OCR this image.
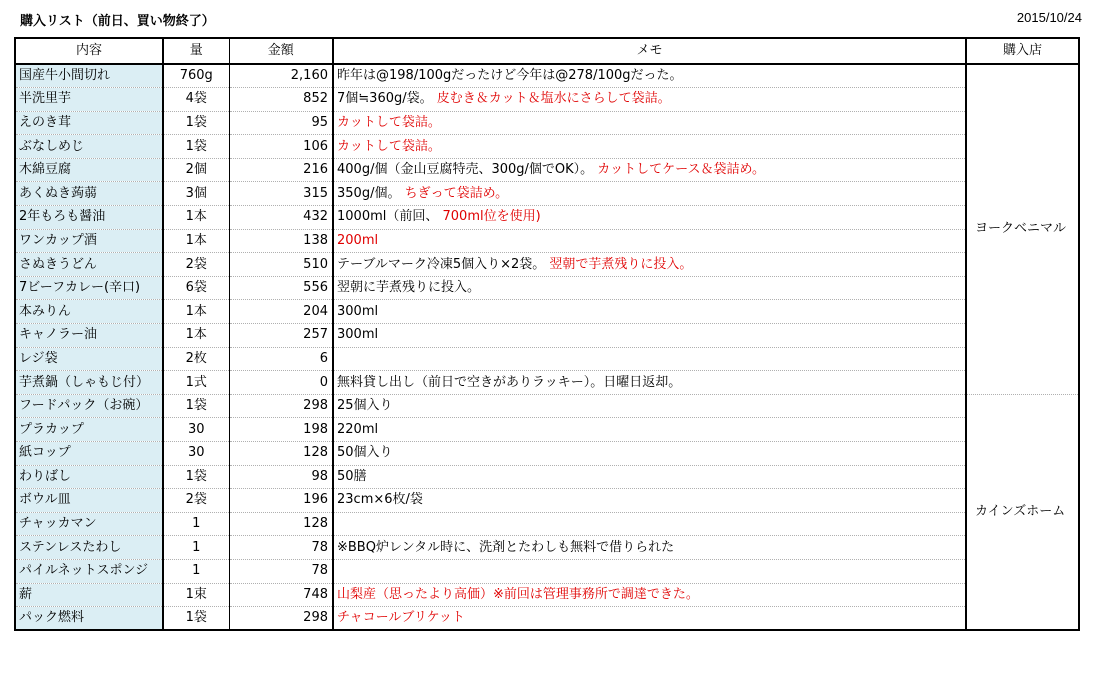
購入リスト（前日、買い物終了）	2015/10/24
内容	量	金額	メモ	購入店
国産牛小間切れ	760g	2,160	昨年は@198/100gだったけど今年は@278/100gだった。	ヨークベニマル
半洗里芋	4袋	852	7個≒360g/袋。 皮むき＆カット＆塩水にさらして袋詰。	
えのき茸	1袋	95	カットして袋詰。	
ぶなしめじ	1袋	106	カットして袋詰。	
木綿豆腐	2個	216	400g/個（金山豆腐特売、300g/個でOK）。 カットしてケース＆袋詰め。	
あくぬき蒟蒻	3個	315	350g/個。 ちぎって袋詰め。	
2年もろも醤油	1本	432	1000ml（前回、 700ml位を使用)	
ワンカップ酒	1本	138	200ml	
さぬきうどん	2袋	510	テーブルマーク冷凍5個入り×2袋。 翌朝で芋煮残りに投入。	
7ビーフカレー(辛口)	6袋	556	翌朝に芋煮残りに投入。	
本みりん	1本	204	300ml	
キャノラー油	1本	257	300ml	
レジ袋	2枚	6		
芋煮鍋（しゃもじ付）	1式	0	無料貸し出し（前日で空きがありラッキー）。日曜日返却。	
フードパック（お碗）	1袋	298	25個入り	カインズホーム
プラカップ	30	198	220ml	
紙コップ	30	128	50個入り	
わりばし	1袋	98	50膳	
ボウル皿	2袋	196	23cm×6枚/袋	
チャッカマン	1	128		
ステンレスたわし	1	78	※BBQ炉レンタル時に、洗剤とたわしも無料で借りられた	
パイルネットスポンジ	1	78		
薪	1束	748	山梨産（思ったより高価）※前回は管理事務所で調達できた。	
パック燃料	1袋	298	チャコールブリケット	
